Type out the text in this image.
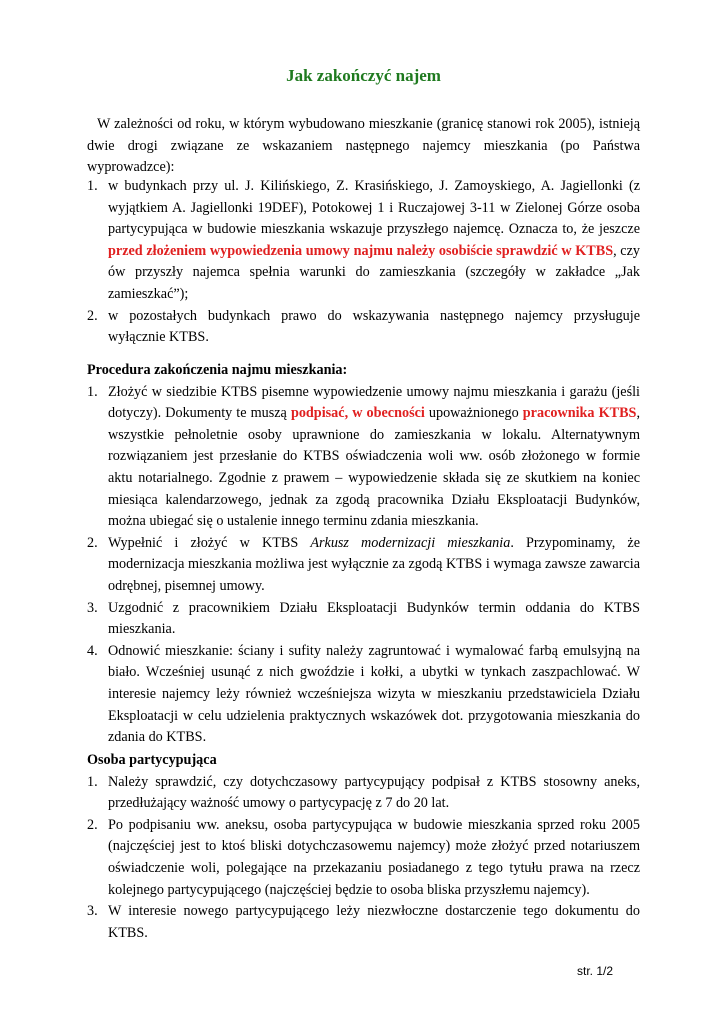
Jak zakończyć najem
W zależności od roku, w którym wybudowano mieszkanie (granicę stanowi rok 2005), istnieją dwie drogi związane ze wskazaniem następnego najemcy mieszkania (po Państwa wyprowadzce):
1. w budynkach przy ul. J. Kilińskiego, Z. Krasińskiego, J. Zamoyskiego, A. Jagiellonki (z wyjątkiem A. Jagiellonki 19DEF), Potokowej 1 i Ruczajowej 3-11 w Zielonej Górze osoba partycypująca w budowie mieszkania wskazuje przyszłego najemcę. Oznacza to, że jeszcze przed złożeniem wypowiedzenia umowy najmu należy osobiście sprawdzić w KTBS, czy ów przyszły najemca spełnia warunki do zamieszkania (szczegóły w zakładce „Jak zamieszkać”);
2. w pozostałych budynkach prawo do wskazywania następnego najemcy przysługuje wyłącznie KTBS.
Procedura zakończenia najmu mieszkania:
1. Złożyć w siedzibie KTBS pisemne wypowiedzenie umowy najmu mieszkania i garażu (jeśli dotyczy). Dokumenty te muszą podpisać, w obecności upoważnionego pracownika KTBS, wszystkie pełnoletnie osoby uprawnione do zamieszkania w lokalu. Alternatywnym rozwiązaniem jest przesłanie do KTBS oświadczenia woli ww. osób złożonego w formie aktu notarialnego. Zgodnie z prawem – wypowiedzenie składa się ze skutkiem na koniec miesiąca kalendarzowego, jednak za zgodą pracownika Działu Eksploatacji Budynków, można ubiegać się o ustalenie innego terminu zdania mieszkania.
2. Wypełnić i złożyć w KTBS Arkusz modernizacji mieszkania. Przypominamy, że modernizacja mieszkania możliwa jest wyłącznie za zgodą KTBS i wymaga zawsze zawarcia odrębnej, pisemnej umowy.
3. Uzgodnić z pracownikiem Działu Eksploatacji Budynków termin oddania do KTBS mieszkania.
4. Odnowić mieszkanie: ściany i sufity należy zagruntować i wymalować farbą emulsyjną na biało. Wcześniej usunąć z nich gwoździe i kołki, a ubytki w tynkach zaszpachlować. W interesie najemcy leży również wcześniejsza wizyta w mieszkaniu przedstawiciela Działu Eksploatacji w celu udzielenia praktycznych wskazówek dot. przygotowania mieszkania do zdania do KTBS.
Osoba partycypująca
1. Należy sprawdzić, czy dotychczasowy partycypujący podpisał z KTBS stosowny aneks, przedłużający ważność umowy o partycypację z 7 do 20 lat.
2. Po podpisaniu ww. aneksu, osoba partycypująca w budowie mieszkania sprzed roku 2005 (najczęściej jest to ktoś bliski dotychczasowemu najemcy) może złożyć przed notariuszem oświadczenie woli, polegające na przekazaniu posiadanego z tego tytułu prawa na rzecz kolejnego partycypującego (najczęściej będzie to osoba bliska przyszłemu najemcy).
3. W interesie nowego partycypującego leży niezwłoczne dostarczenie tego dokumentu do KTBS.
str. 1/2
